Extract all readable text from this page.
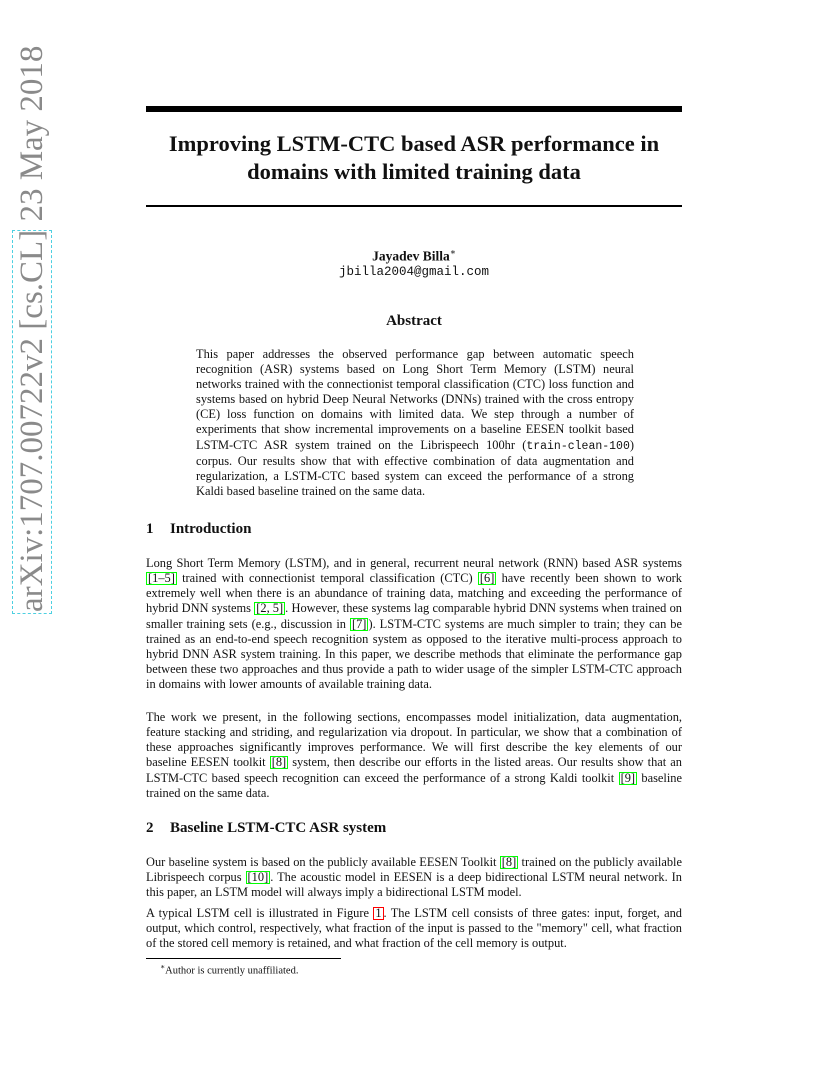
arXiv:1707.00722v2 [cs.CL] 23 May 2018	Improving LSTM-CTC based ASR performance in domains with limited training data
Jayadev Billa∗
jbilla2004@gmail.com
Abstract

This paper addresses the observed performance gap between automatic speech recognition (ASR) systems based on Long Short Term Memory (LSTM) neural networks trained with the connectionist temporal classification (CTC) loss function and systems based on hybrid Deep Neural Networks (DNNs) trained with the cross entropy (CE) loss function on domains with limited data. We step through a number of experiments that show incremental improvements on a baseline EESEN toolkit based LSTM-CTC ASR system trained on the Librispeech 100hr (train-clean-100) corpus. Our results show that with effective combination of data augmentation and regularization, a LSTM-CTC based system can exceed the performance of a strong Kaldi based baseline trained on the same data.

1 Introduction

Long Short Term Memory (LSTM), and in general, recurrent neural network (RNN) based ASR systems [1–5] trained with connectionist temporal classification (CTC) [6] have recently been shown to work extremely well when there is an abundance of training data, matching and exceeding the performance of hybrid DNN systems [2, 5] . However, these systems lag comparable hybrid DNN systems when trained on smaller training sets (e.g., discussion in [7] ). LSTM-CTC systems are much simpler to train; they can be trained as an end-to-end speech recognition system as opposed to the iterative multi-process approach to hybrid DNN ASR system training. In this paper, we describe methods that eliminate the performance gap between these two approaches and thus provide a path to wider usage of the simpler LSTM-CTC approach in domains with lower amounts of available training data.

The work we present, in the following sections, encompasses model initialization, data augmentation, feature stacking and striding, and regularization via dropout. In particular, we show that a combination of these approaches significantly improves performance. We will first describe the key elements of our baseline EESEN toolkit [8] system, then describe our efforts in the listed areas. Our results show that an LSTM-CTC based speech recognition can exceed the performance of a strong Kaldi toolkit [9] baseline trained on the same data.

2 Baseline LSTM-CTC ASR system

Our baseline system is based on the publicly available EESEN Toolkit [8] trained on the publicly available Librispeech corpus [10] . The acoustic model in EESEN is a deep bidirectional LSTM neural network. In this paper, an LSTM model will always imply a bidirectional LSTM model.

A typical LSTM cell is illustrated in Figure 1 . The LSTM cell consists of three gates: input, forget, and output, which control, respectively, what fraction of the input is passed to the "memory" cell, what fraction of the stored cell memory is retained, and what fraction of the cell memory is output.

∗Author is currently unaffiliated.
